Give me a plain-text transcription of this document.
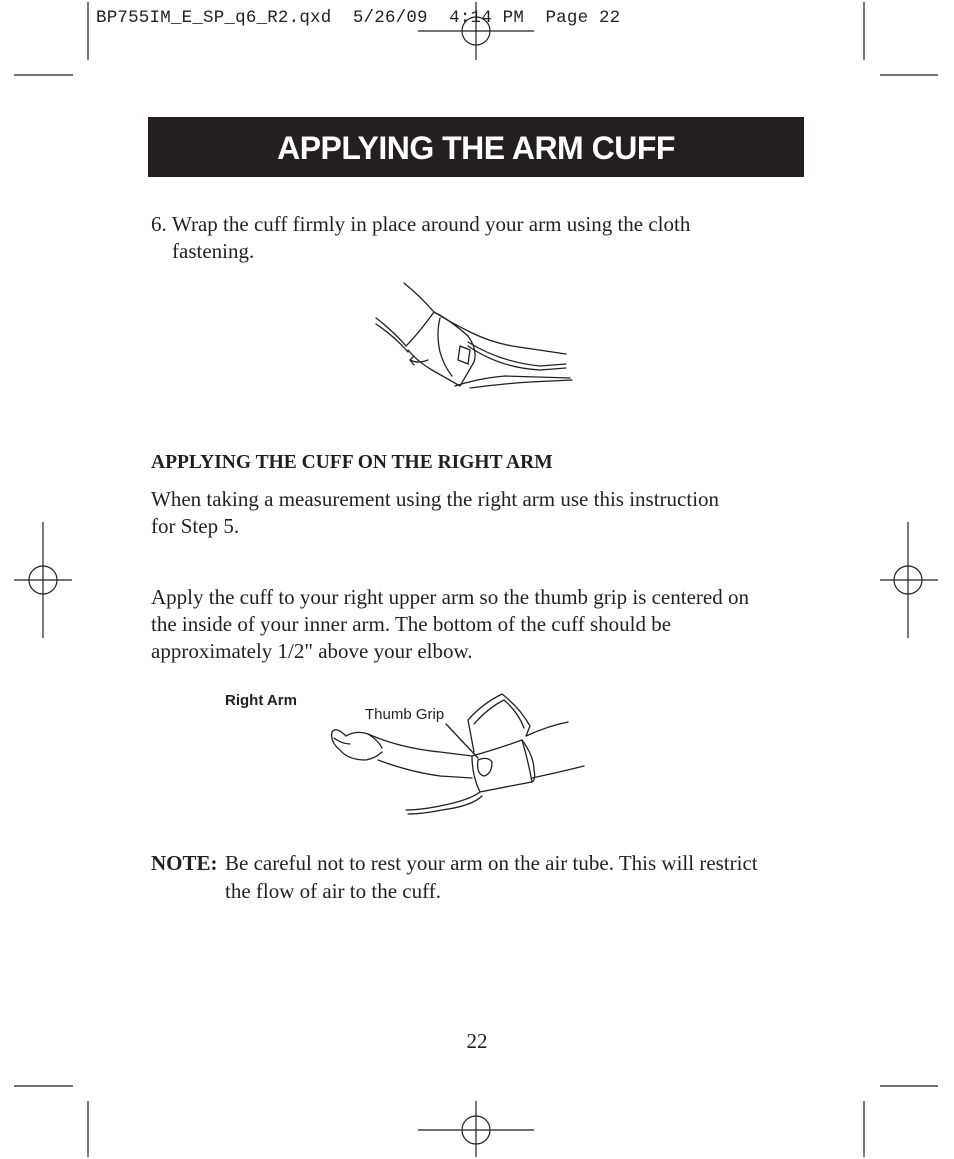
BP755IM_E_SP_q6_R2.qxd  5/26/09  4:14 PM  Page 22
APPLYING THE ARM CUFF
6. Wrap the cuff firmly in place around your arm using the cloth
fastening.
APPLYING THE CUFF ON THE RIGHT ARM
When taking a measurement using the right arm use this instruction
for Step 5.
Apply the cuff to your right upper arm so the thumb grip is centered on
the inside of your inner arm. The bottom of the cuff should be
approximately 1/2" above your elbow.
Right Arm
Thumb Grip
NOTE: Be careful not to rest your arm on the air tube. This will restrict
the flow of air to the cuff.
22
